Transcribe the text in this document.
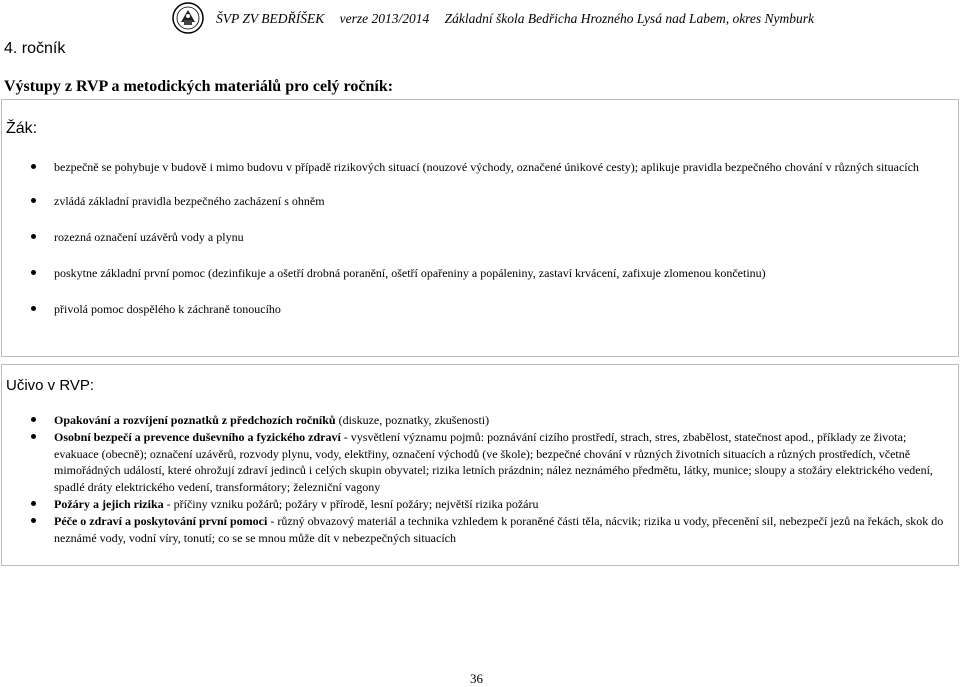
ŠVP ZV BEDŘÍŠEK verze 2013/2014 Základní škola Bedřicha Hrozného Lysá nad Labem, okres Nymburk
4. ročník
Výstupy z RVP a metodických materiálů pro celý ročník:
Žák:
bezpečně se pohybuje v budově i mimo budovu v případě rizikových situací (nouzové východy, označené únikové cesty); aplikuje pravidla bezpečného chování v různých situacích
zvládá základní pravidla bezpečného zacházení s ohněm
rozezná označení uzávěrů vody a plynu
poskytne základní první pomoc (dezinfikuje a ošetří drobná poranění, ošetří opařeniny a popáleniny, zastaví krvácení, zafixuje zlomenou končetinu)
přivolá pomoc dospělého k záchraně tonoucího
Učivo v RVP:
Opakování a rozvíjení poznatků z předchozích ročníků (diskuze, poznatky, zkušenosti)
Osobní bezpečí a prevence duševního a fyzického zdraví - vysvětlení významu pojmů: poznávání cizího prostředí, strach, stres, zbabělost, statečnost apod., příklady ze života; evakuace (obecně); označení uzávěrů, rozvody plynu, vody, elektřiny, označení východů (ve škole); bezpečné chování v různých životních situacích a různých prostředích, včetně mimořádných událostí, které ohrožují zdraví jedinců i celých skupin obyvatel; rizika letních prázdnin; nález neznámého předmětu, látky, munice; sloupy a stožáry elektrického vedení, spadlé dráty elektrického vedení, transformátory; železniční vagony
Požáry a jejich rizika - příčiny vzniku požárů; požáry v přírodě, lesní požáry; největší rizika požáru
Péče o zdraví a poskytování první pomoci - různý obvazový materiál a technika vzhledem k poraněné části těla, nácvik; rizika u vody, přecenění sil, nebezpečí jezů na řekách, skok do neznámé vody, vodní víry, tonutí; co se se mnou může dít v nebezpečných situacích
36
